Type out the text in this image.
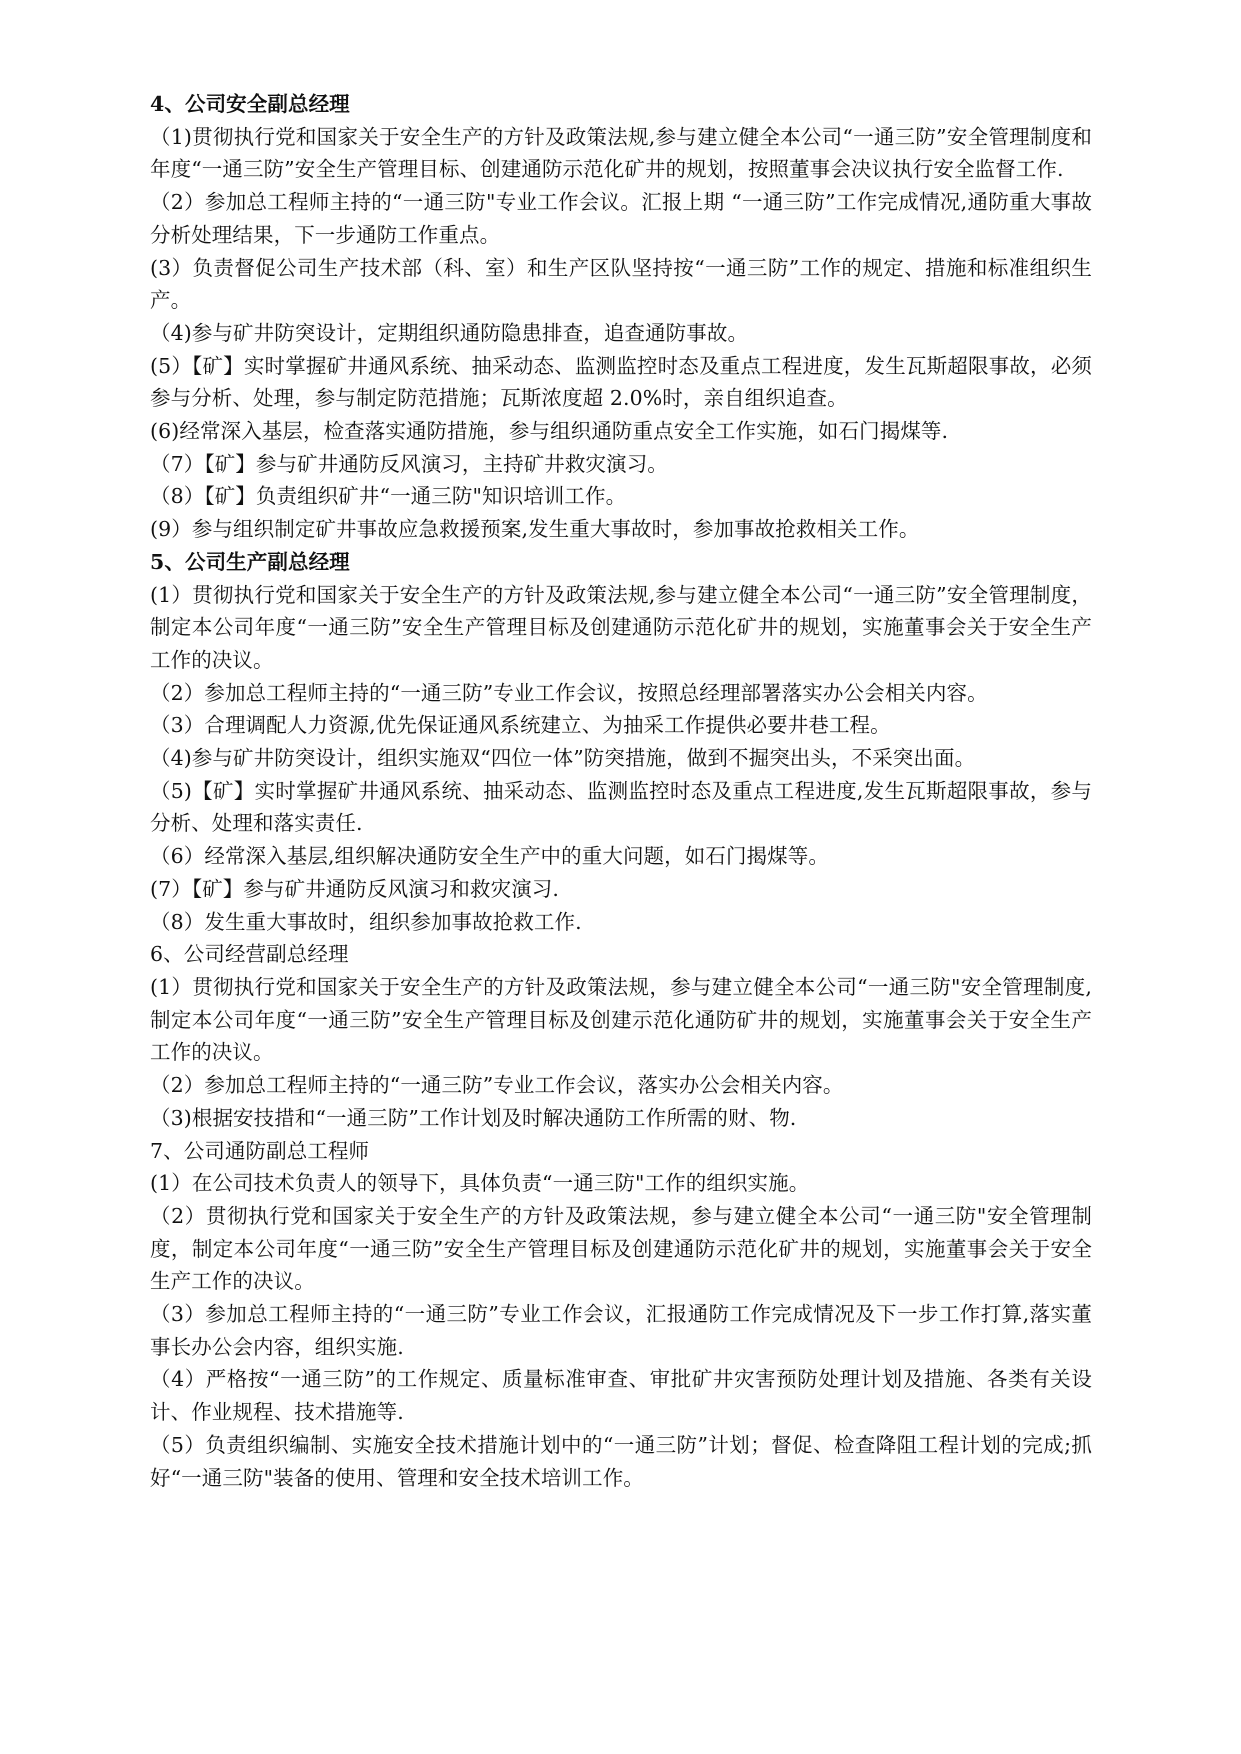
4、公司安全副总经理
（1)贯彻执行党和国家关于安全生产的方针及政策法规,参与建立健全本公司“一通三防”安全管理制度和年度“一通三防”安全生产管理目标、创建通防示范化矿井的规划，按照董事会决议执行安全监督工作.
（2）参加总工程师主持的“一通三防"专业工作会议。汇报上期 “一通三防”工作完成情况,通防重大事故分析处理结果，下一步通防工作重点。
(3）负责督促公司生产技术部（科、室）和生产区队坚持按“一通三防”工作的规定、措施和标准组织生产。
（4)参与矿井防突设计，定期组织通防隐患排查，追查通防事故。
(5）【矿】实时掌握矿井通风系统、抽采动态、监测监控时态及重点工程进度，发生瓦斯超限事故，必须参与分析、处理，参与制定防范措施；瓦斯浓度超 2.0%时，亲自组织追查。
(6)经常深入基层，检查落实通防措施，参与组织通防重点安全工作实施，如石门揭煤等.
（7）【矿】参与矿井通防反风演习，主持矿井救灾演习。
（8）【矿】负责组织矿井“一通三防"知识培训工作。
(9）参与组织制定矿井事故应急救援预案,发生重大事故时，参加事故抢救相关工作。
5、公司生产副总经理
(1）贯彻执行党和国家关于安全生产的方针及政策法规,参与建立健全本公司“一通三防”安全管理制度，制定本公司年度“一通三防”安全生产管理目标及创建通防示范化矿井的规划，实施董事会关于安全生产工作的决议。
（2）参加总工程师主持的“一通三防”专业工作会议，按照总经理部署落实办公会相关内容。
（3）合理调配人力资源,优先保证通风系统建立、为抽采工作提供必要井巷工程。
（4)参与矿井防突设计，组织实施双“四位一体”防突措施，做到不掘突出头，不采突出面。
（5)【矿】实时掌握矿井通风系统、抽采动态、监测监控时态及重点工程进度,发生瓦斯超限事故，参与分析、处理和落实责任.
（6）经常深入基层,组织解决通防安全生产中的重大问题，如石门揭煤等。
(7）【矿】参与矿井通防反风演习和救灾演习.
（8）发生重大事故时，组织参加事故抢救工作.
6、公司经营副总经理
(1）贯彻执行党和国家关于安全生产的方针及政策法规，参与建立健全本公司“一通三防"安全管理制度,制定本公司年度“一通三防”安全生产管理目标及创建示范化通防矿井的规划，实施董事会关于安全生产工作的决议。
（2）参加总工程师主持的“一通三防”专业工作会议，落实办公会相关内容。
（3)根据安技措和“一通三防”工作计划及时解决通防工作所需的财、物.
7、公司通防副总工程师
(1）在公司技术负责人的领导下，具体负责“一通三防"工作的组织实施。
（2）贯彻执行党和国家关于安全生产的方针及政策法规，参与建立健全本公司“一通三防"安全管理制度，制定本公司年度“一通三防”安全生产管理目标及创建通防示范化矿井的规划，实施董事会关于安全生产工作的决议。
（3）参加总工程师主持的“一通三防”专业工作会议，汇报通防工作完成情况及下一步工作打算,落实董事长办公会内容，组织实施.
（4）严格按“一通三防”的工作规定、质量标准审查、审批矿井灾害预防处理计划及措施、各类有关设计、作业规程、技术措施等.
（5）负责组织编制、实施安全技术措施计划中的“一通三防”计划；督促、检查降阻工程计划的完成;抓好“一通三防"装备的使用、管理和安全技术培训工作。
